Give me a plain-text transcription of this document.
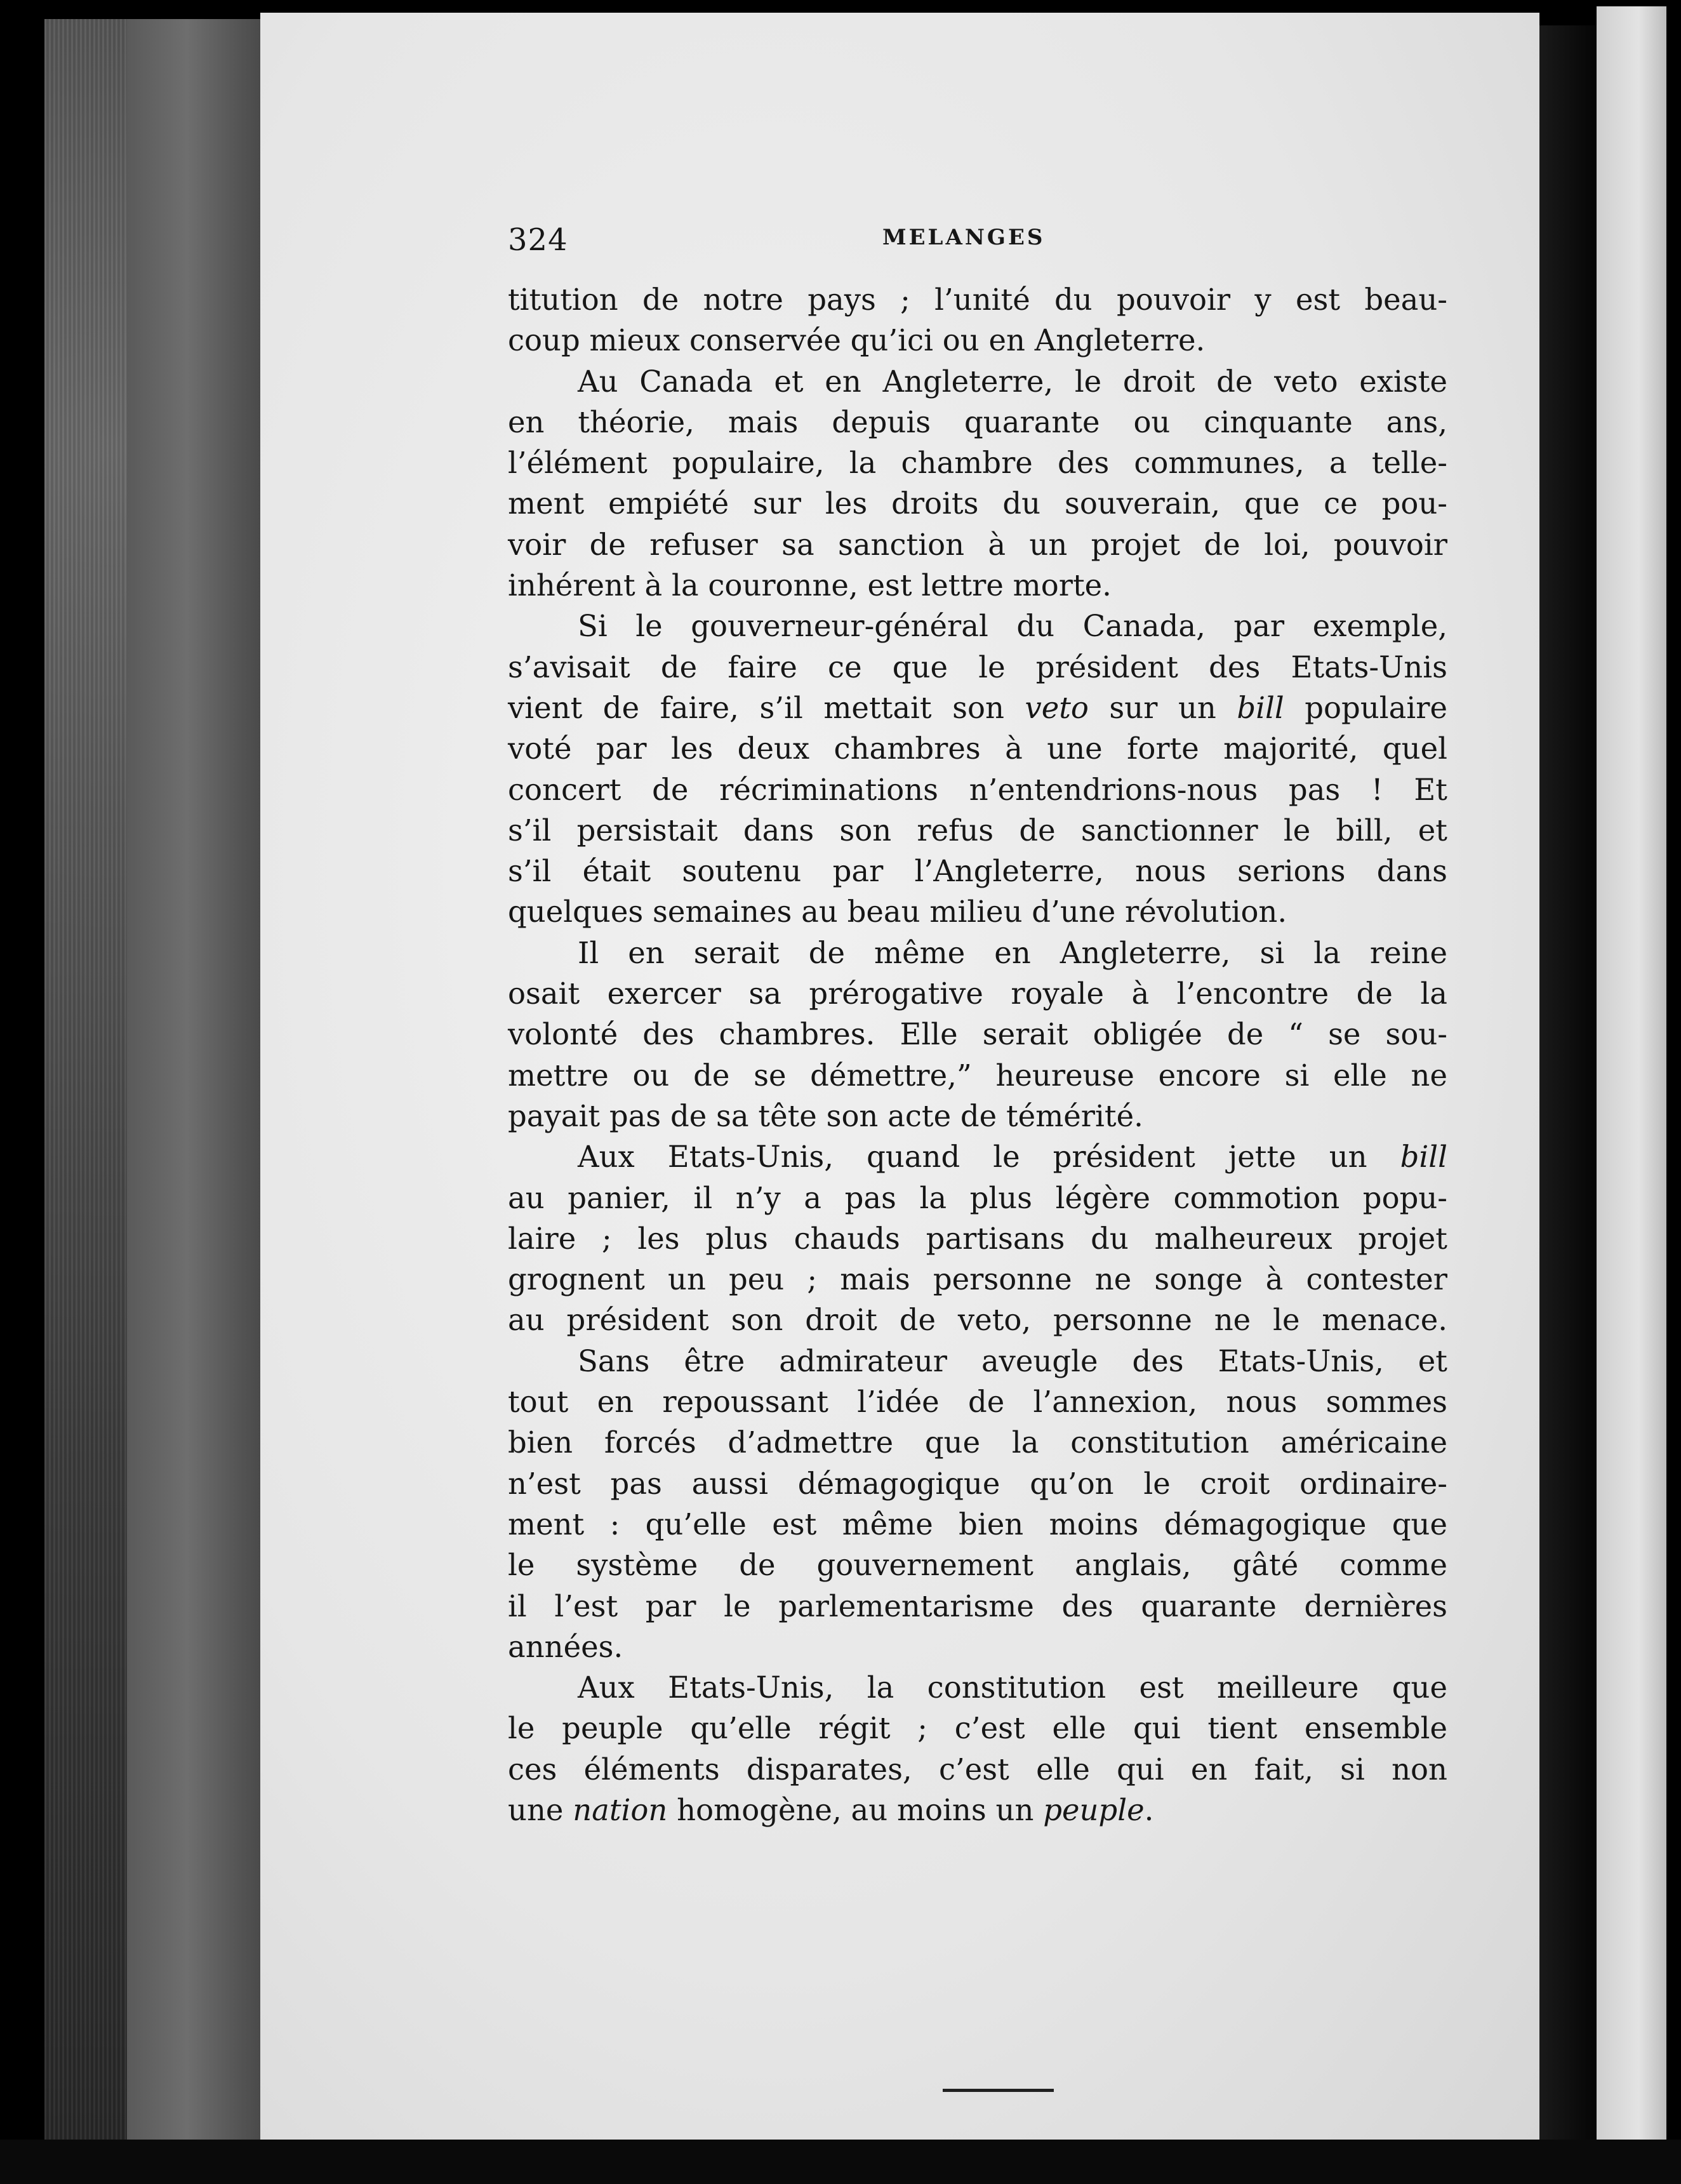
324	MELANGES
titution de notre pays ; l’unité du pouvoir y est beau-
coup mieux conservée qu’ici ou en Angleterre.
Au Canada et en Angleterre, le droit de veto existe
en théorie, mais depuis quarante ou cinquante ans,
l’élément populaire, la chambre des communes, a telle-
ment empiété sur les droits du souverain, que ce pou-
voir de refuser sa sanction à un projet de loi, pouvoir
inhérent à la couronne, est lettre morte.
Si le gouverneur-général du Canada, par exemple,
s’avisait de faire ce que le président des Etats-Unis
vient de faire, s’il mettait son veto sur un bill populaire
voté par les deux chambres à une forte majorité, quel
concert de récriminations n’entendrions-nous pas ! Et
s’il persistait dans son refus de sanctionner le bill, et
s’il était soutenu par l’Angleterre, nous serions dans
quelques semaines au beau milieu d’une révolution.
Il en serait de même en Angleterre, si la reine
osait exercer sa prérogative royale à l’encontre de la
volonté des chambres. Elle serait obligée de “ se sou-
mettre ou de se démettre,” heureuse encore si elle ne
payait pas de sa tête son acte de témérité.
Aux Etats-Unis, quand le président jette un bill
au panier, il n’y a pas la plus légère commotion popu-
laire ; les plus chauds partisans du malheureux projet
grognent un peu ; mais personne ne songe à contester
au président son droit de veto, personne ne le menace.
Sans être admirateur aveugle des Etats-Unis, et
tout en repoussant l’idée de l’annexion, nous sommes
bien forcés d’admettre que la constitution américaine
n’est pas aussi démagogique qu’on le croit ordinaire-
ment : qu’elle est même bien moins démagogique que
le système de gouvernement anglais, gâté comme
il l’est par le parlementarisme des quarante dernières
années.
Aux Etats-Unis, la constitution est meilleure que
le peuple qu’elle régit ; c’est elle qui tient ensemble
ces éléments disparates, c’est elle qui en fait, si non
une nation homogène, au moins un peuple.
